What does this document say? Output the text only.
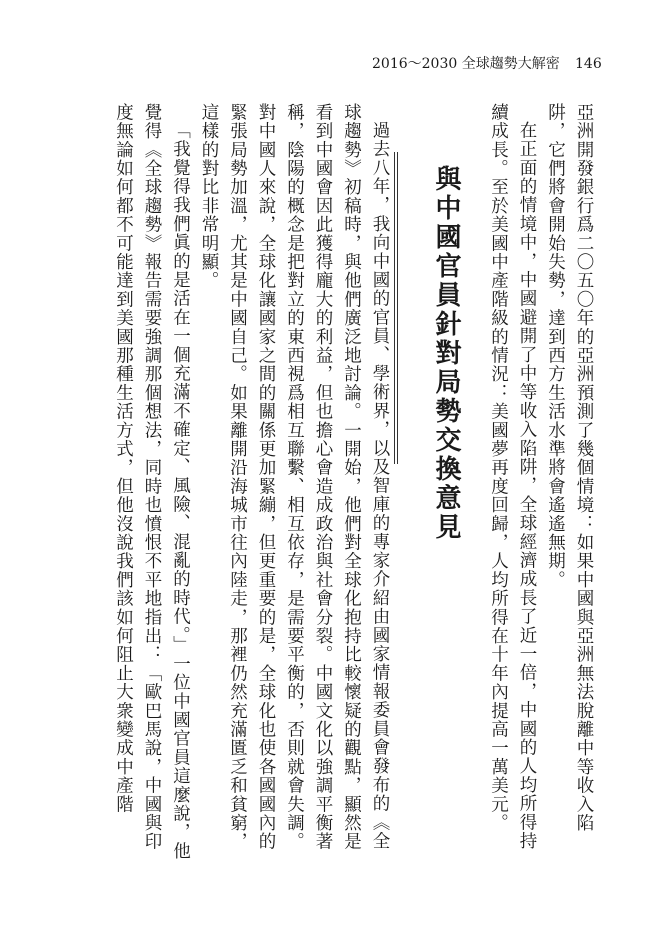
2016～2030 全球趨勢大解密 146

亞洲開發銀行爲二〇五〇年的亞洲預測了幾個情境：如果中國與亞洲無法脫離中等收入陷阱，它們將會開始失勢，達到西方生活水準將會遙遙無期。

在正面的情境中，中國避開了中等收入陷阱，全球經濟成長了近一倍，中國的人均所得持續成長。至於美國中產階級的情況：美國夢再度回歸，人均所得在十年內提高一萬美元。

與中國官員針對局勢交換意見

過去八年，我向中國的官員、學術界，以及智庫的專家介紹由國家情報委員會發布的《全球趨勢》初稿時，與他們廣泛地討論。一開始，他們對全球化抱持比較懷疑的觀點，顯然是看到中國會因此獲得龐大的利益，但也擔心會造成政治與社會分裂。中國文化以強調平衡著稱，陰陽的概念是把對立的東西視爲相互聯繫、相互依存，是需要平衡的，否則就會失調。對中國人來說，全球化讓國家之間的關係更加緊繃，但更重要的是，全球化也使各國國內的緊張局勢加溫，尤其是中國自己。如果離開沿海城市往內陸走，那裡仍然充滿匱乏和貧窮，這樣的對比非常明顯。

「我覺得我們眞的是活在一個充滿不確定、風險、混亂的時代。」一位中國官員這麼說，他覺得《全球趨勢》報告需要強調那個想法，同時也憤恨不平地指出：「歐巴馬說，中國與印度無論如何都不可能達到美國那種生活方式，但他沒說我們該如何阻止大衆變成中產階
